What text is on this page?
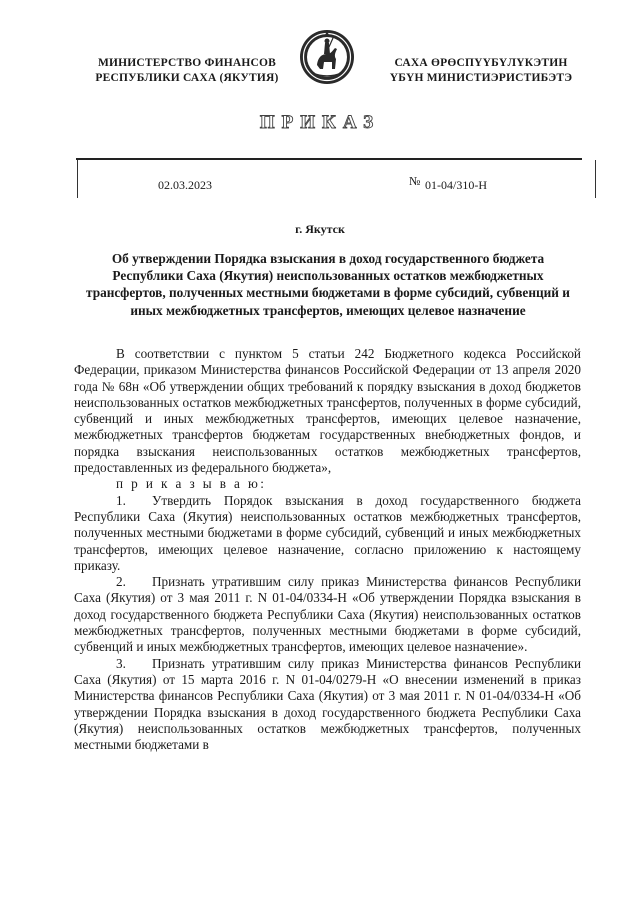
МИНИСТЕРСТВО ФИНАНСОВ
РЕСПУБЛИКИ САХА (ЯКУТИЯ)
САХА ӨРӨСПҮҮБҮЛҮКЭТИН
ҮБҮН МИНИСТИЭРИСТИБЭТЭ
ПРИКАЗ
02.03.2023	№ 01-04/310-Н
г. Якутск
Об утверждении Порядка взыскания в доход государственного бюджета Республики Саха (Якутия) неиспользованных остатков межбюджетных трансфертов, полученных местными бюджетами в форме субсидий, субвенций и иных межбюджетных трансфертов, имеющих целевое назначение

В соответствии с пунктом 5 статьи 242 Бюджетного кодекса Российской Федерации, приказом Министерства финансов Российской Федерации от 13 апреля 2020 года № 68н «Об утверждении общих требований к порядку взыскания в доход бюджетов неиспользованных остатков межбюджетных трансфертов, полученных в форме субсидий, субвенций и иных межбюджетных трансфертов, имеющих целевое назначение, межбюджетных трансфертов бюджетам государственных внебюджетных фондов, и порядка взыскания неиспользованных остатков межбюджетных трансфертов, предоставленных из федерального бюджета»,

п р и к а з ы в а ю:

1. Утвердить Порядок взыскания в доход государственного бюджета Республики Саха (Якутия) неиспользованных остатков межбюджетных трансфертов, полученных местными бюджетами в форме субсидий, субвенций и иных межбюджетных трансфертов, имеющих целевое назначение, согласно приложению к настоящему приказу.

2. Признать утратившим силу приказ Министерства финансов Республики Саха (Якутия) от 3 мая 2011 г. N 01-04/0334-Н «Об утверждении Порядка взыскания в доход государственного бюджета Республики Саха (Якутия) неиспользованных остатков межбюджетных трансфертов, полученных местными бюджетами в форме субсидий, субвенций и иных межбюджетных трансфертов, имеющих целевое назначение».

3. Признать утратившим силу приказ Министерства финансов Республики Саха (Якутия) от 15 марта 2016 г. N 01-04/0279-Н «О внесении изменений в приказ Министерства финансов Республики Саха (Якутия) от 3 мая 2011 г. N 01-04/0334-Н «Об утверждении Порядка взыскания в доход государственного бюджета Республики Саха (Якутия) неиспользованных остатков межбюджетных трансфертов, полученных местными бюджетами в
